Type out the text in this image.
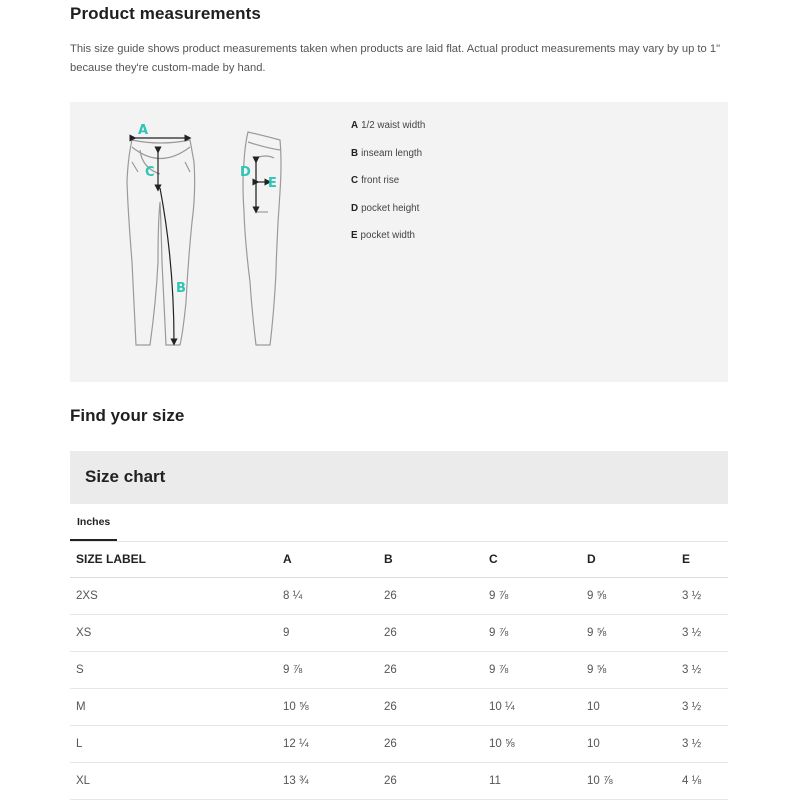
Product measurements

This size guide shows product measurements taken when products are laid flat. Actual product measurements may vary by up to 1" because they're custom-made by hand.

A
B
C	D
E
A 1/2 waist width
B inseam length
C front rise
D pocket height
E pocket width
Find your size
Size chart
Inches
SIZE LABEL	A	B	C	D	E
2XS	8 ¼	26	9 ⅞	9 ⅝	3 ½
XS	9	26	9 ⅞	9 ⅝	3 ½
S	9 ⅞	26	9 ⅞	9 ⅝	3 ½
M	10 ⅝	26	10 ¼	10	3 ½
L	12 ¼	26	10 ⅝	10	3 ½
XL	13 ¾	26	11	10 ⅞	4 ⅛
